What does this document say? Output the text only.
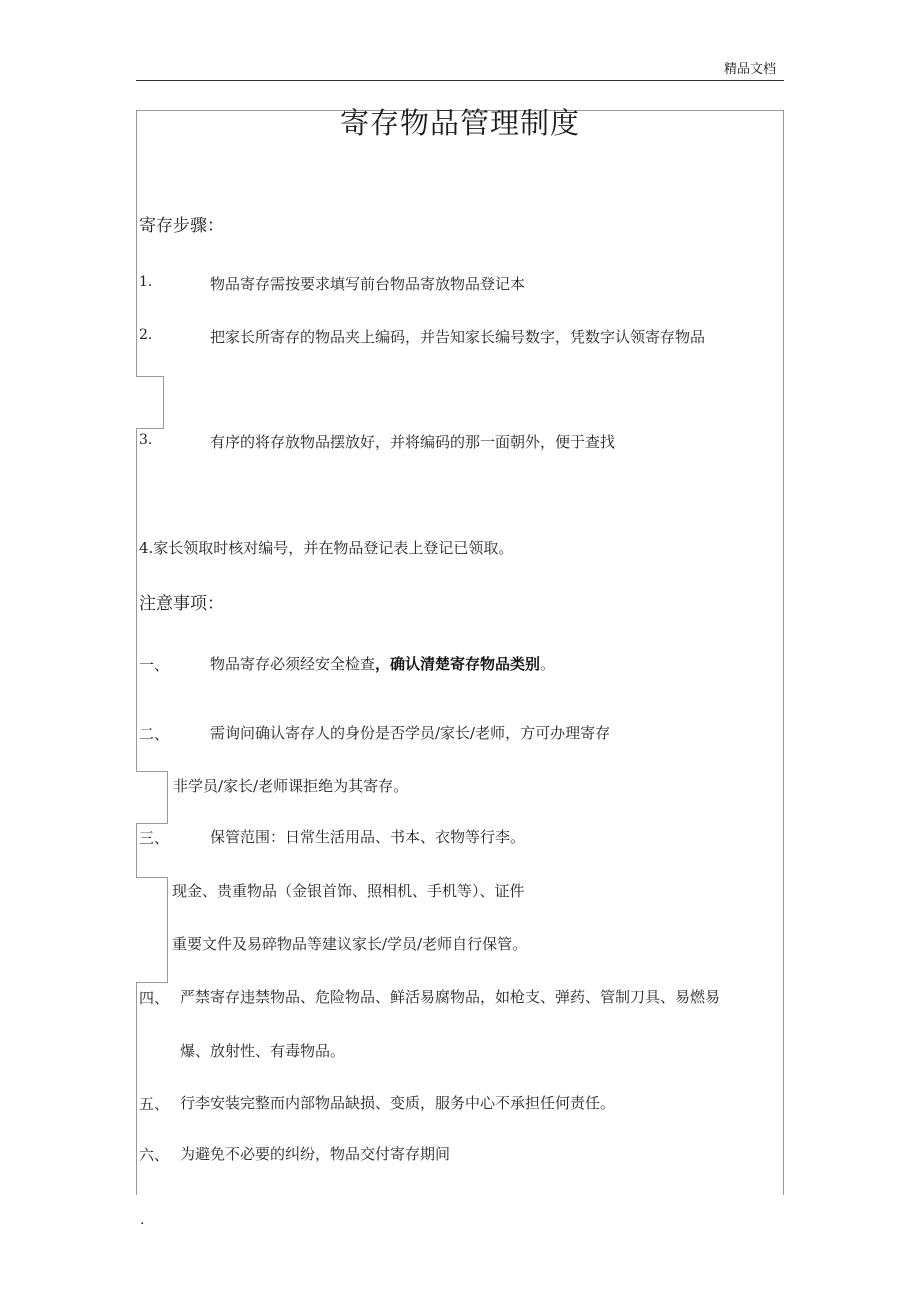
精品文档
寄存物品管理制度
寄存步骤：
1.	物品寄存需按要求填写前台物品寄放物品登记本
2.	把家长所寄存的物品夹上编码，并告知家长编号数字，凭数字认领寄存物品
3.	有序的将存放物品摆放好，并将编码的那一面朝外，便于查找
4.家长领取时核对编号，并在物品登记表上登记已领取。
注意事项：
一、	物品寄存必须经安全检查，确认清楚寄存物品类别。
二、	需询问确认寄存人的身份是否学员/家长/老师，方可办理寄存
非学员/家长/老师课拒绝为其寄存。
三、	保管范围：日常生活用品、书本、衣物等行李。
现金、贵重物品（金银首饰、照相机、手机等）、证件
重要文件及易碎物品等建议家长/学员/老师自行保管。
四、 严禁寄存违禁物品、危险物品、鲜活易腐物品，如枪支、弹药、管制刀具、易燃易
爆、放射性、有毒物品。
五、 行李安装完整而内部物品缺损、变质，服务中心不承担任何责任。
六、 为避免不必要的纠纷，物品交付寄存期间
.
